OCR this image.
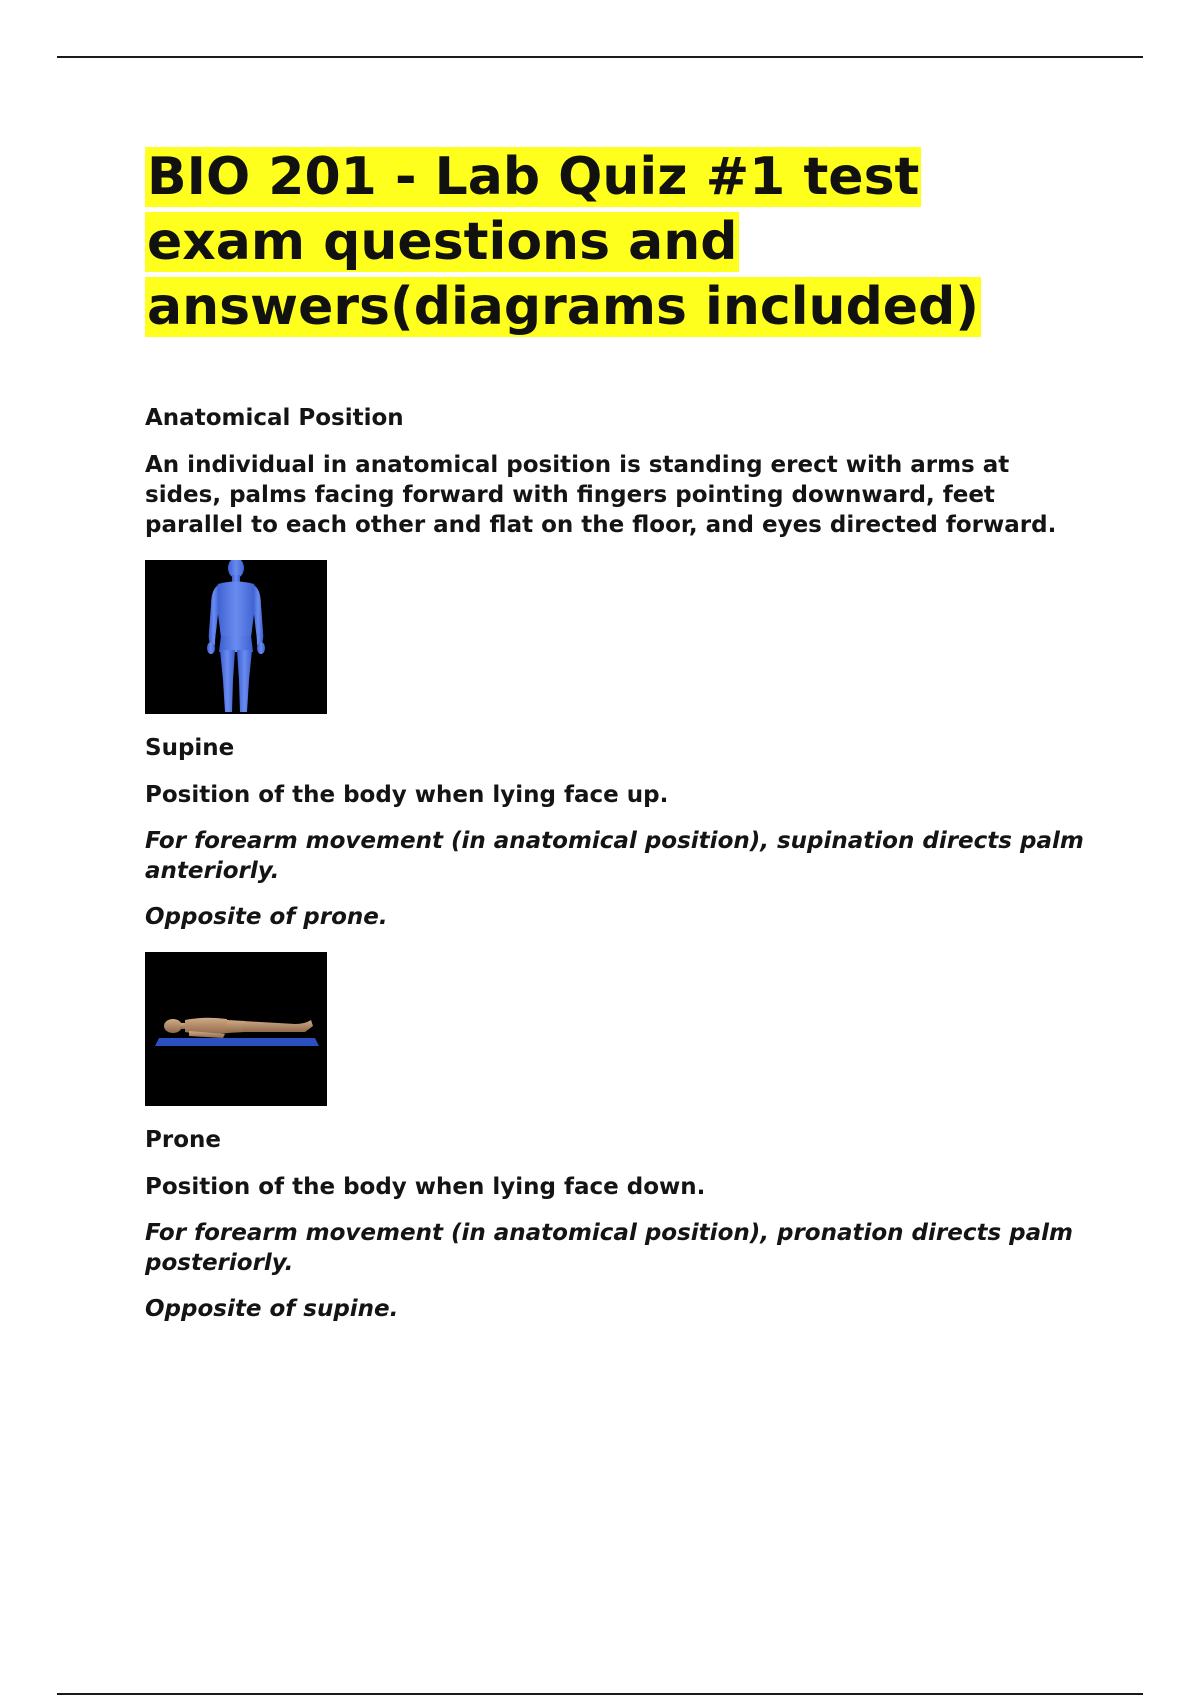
BIO 201 - Lab Quiz #1 test
exam questions and
answers(diagrams included)

Anatomical Position

An individual in anatomical position is standing erect with arms at sides, palms facing forward with fingers pointing downward, feet parallel to each other and flat on the floor, and eyes directed forward.

Supine

Position of the body when lying face up.

For forearm movement (in anatomical position), supination directs palm anteriorly.

Opposite of prone.

Prone

Position of the body when lying face down.

For forearm movement (in anatomical position), pronation directs palm posteriorly.

Opposite of supine.
